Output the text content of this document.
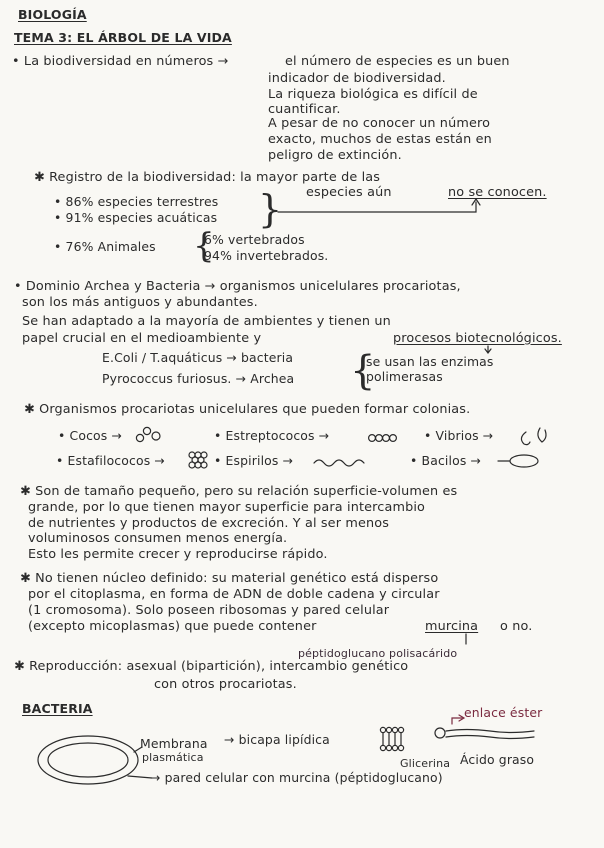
BIOLOGÍA
TEMA 3: EL ÁRBOL DE LA VIDA
• La biodiversidad en números →	el número de especies es un buen
indicador de biodiversidad.
La riqueza biológica es difícil de
cuantificar.
A pesar de no conocer un número
exacto, muchos de estas están en
peligro de extinción.
✱ Registro de la biodiversidad: la mayor parte de las
especies aún	no se conocen.
• 86% especies terrestres
• 91% especies acuáticas }
• 76% Animales {
6% vertebrados
94% invertebrados.
• Dominio Archea y Bacteria → organismos unicelulares procariotas,
son los más antiguos y abundantes.
Se han adaptado a la mayoría de ambientes y tienen un
papel crucial en el medioambiente y	procesos biotecnológicos.
E.Coli / T.aquáticus → bacteria
Pyrococcus furiosus. → Archea {
se usan las enzimas
polimerasas
✱ Organismos procariotas unicelulares que pueden formar colonias.
• Cocos →	• Estreptococos →	• Vibrios →
• Estafilococos →	• Espirilos →	• Bacilos →
✱ Son de tamaño pequeño, pero su relación superficie-volumen es
grande, por lo que tienen mayor superficie para intercambio
de nutrientes y productos de excreción. Y al ser menos
voluminosos consumen menos energía.
Esto les permite crecer y reproducirse rápido.
✱ No tienen núcleo definido: su material genético está disperso
por el citoplasma, en forma de ADN de doble cadena y circular
(1 cromosoma). Solo poseen ribosomas y pared celular
(excepto micoplasmas) que puede contener	murcina o no.
péptidoglucano polisacárido
✱ Reproducción: asexual (bipartición), intercambio genético
con otros procariotas.
BACTERIA
Membrana
plasmática
→ bicapa lipídica
enlace éster
Glicerina Ácido graso
→ pared celular con murcina (péptidoglucano)
